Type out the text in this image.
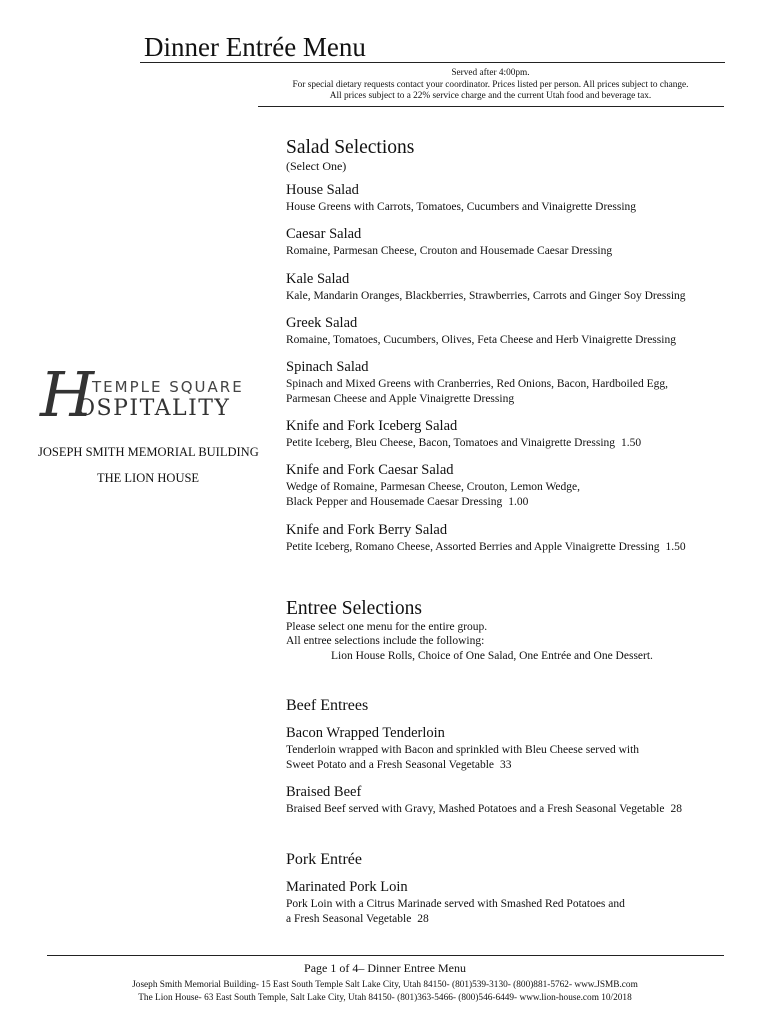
Dinner Entrée Menu
Served after 4:00pm.
For special dietary requests contact your coordinator. Prices listed per person. All prices subject to change.
All prices subject to a 22% service charge and the current Utah food and beverage tax.
H
TEMPLE SQUARE
OSPITALITY
JOSEPH SMITH MEMORIAL BUILDING
THE LION HOUSE
Salad Selections
(Select One)
House Salad
House Greens with Carrots, Tomatoes, Cucumbers and Vinaigrette Dressing
Caesar Salad
Romaine, Parmesan Cheese, Crouton and Housemade Caesar Dressing
Kale Salad
Kale, Mandarin Oranges, Blackberries, Strawberries, Carrots and Ginger Soy Dressing
Greek Salad
Romaine, Tomatoes, Cucumbers, Olives, Feta Cheese and Herb Vinaigrette Dressing
Spinach Salad
Spinach and Mixed Greens with Cranberries, Red Onions, Bacon, Hardboiled Egg,
Parmesan Cheese and Apple Vinaigrette Dressing
Knife and Fork Iceberg Salad
Petite Iceberg, Bleu Cheese, Bacon, Tomatoes and Vinaigrette Dressing 1.50
Knife and Fork Caesar Salad
Wedge of Romaine, Parmesan Cheese, Crouton, Lemon Wedge,
Black Pepper and Housemade Caesar Dressing 1.00
Knife and Fork Berry Salad
Petite Iceberg, Romano Cheese, Assorted Berries and Apple Vinaigrette Dressing 1.50
Entree Selections
Please select one menu for the entire group.
All entree selections include the following:
Lion House Rolls, Choice of One Salad, One Entrée and One Dessert.
Beef Entrees
Bacon Wrapped Tenderloin
Tenderloin wrapped with Bacon and sprinkled with Bleu Cheese served with
Sweet Potato and a Fresh Seasonal Vegetable 33
Braised Beef
Braised Beef served with Gravy, Mashed Potatoes and a Fresh Seasonal Vegetable 28
Pork Entrée
Marinated Pork Loin
Pork Loin with a Citrus Marinade served with Smashed Red Potatoes and
a Fresh Seasonal Vegetable 28
Page 1 of 4– Dinner Entree Menu
Joseph Smith Memorial Building- 15 East South Temple Salt Lake City, Utah 84150- (801)539-3130- (800)881-5762- www.JSMB.com
The Lion House- 63 East South Temple, Salt Lake City, Utah 84150- (801)363-5466- (800)546-6449- www.lion-house.com 10/2018
